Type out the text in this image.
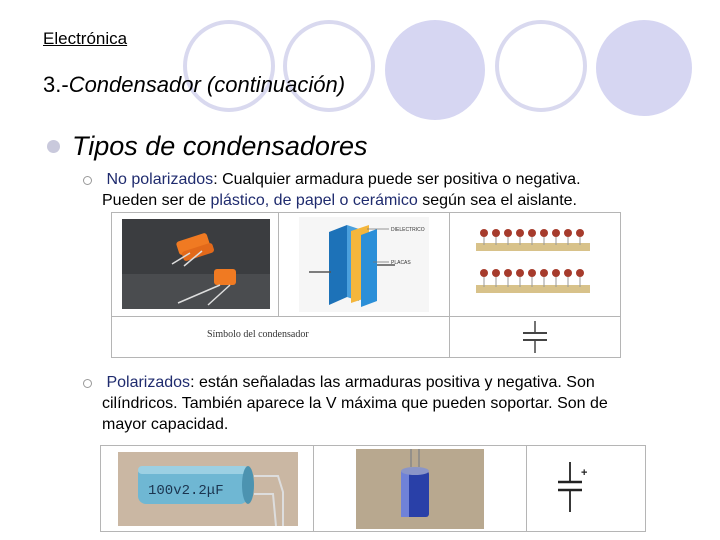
Electrónica
3.-Condensador (continuación)
Tipos de condensadores
No polarizados: Cualquier armadura puede ser positiva o negativa.
Pueden ser de plástico, de papel o cerámico según sea el aislante.

DIELECTRICO
PLACAS

Símbolo del condensador

Polarizados: están señaladas las armaduras positiva y negativa. Son
cilíndricos. También aparece la V máxima que pueden soportar. Son de
mayor capacidad.
100v2.2μF

+
